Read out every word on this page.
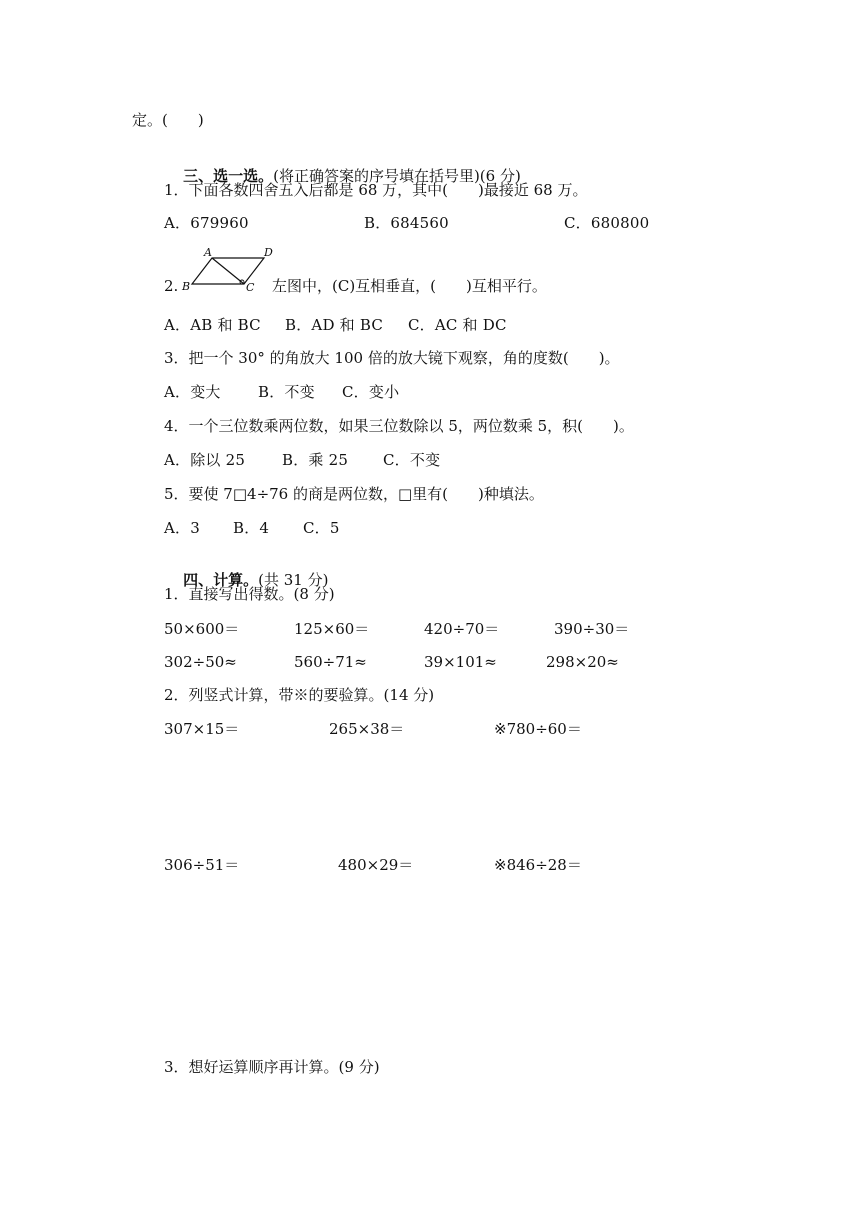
定。(　　)

三、选一选。(将正确答案的序号填在括号里)(6 分)

1．下面各数四舍五入后都是 68 万，其中(　　)最接近 68 万。
A．679960	B．684560	C．680800
2.
A
B	C
D
左图中，(C)互相垂直，(　　)互相平行。
A．AB 和 BC B．AD 和 BC C．AC 和 DC
3．把一个 30° 的角放大 100 倍的放大镜下观察，角的度数(　　)。
A．变大 B．不变 C．变小
4．一个三位数乘两位数，如果三位数除以 5，两位数乘 5，积(　　)。
A．除以 25 B．乘 25 C．不变
5．要使 7□4÷76 的商是两位数，□里有(　　)种填法。
A．3 B．4 C．5

四、计算。(共 31 分)

1．直接写出得数。(8 分)
50×600＝	125×60＝	420÷70＝	390÷30＝
302÷50≈	560÷71≈	39×101≈	298×20≈
2．列竖式计算，带※的要验算。(14 分)
307×15＝	265×38＝	※780÷60＝
306÷51＝	480×29＝	※846÷28＝
3．想好运算顺序再计算。(9 分)
